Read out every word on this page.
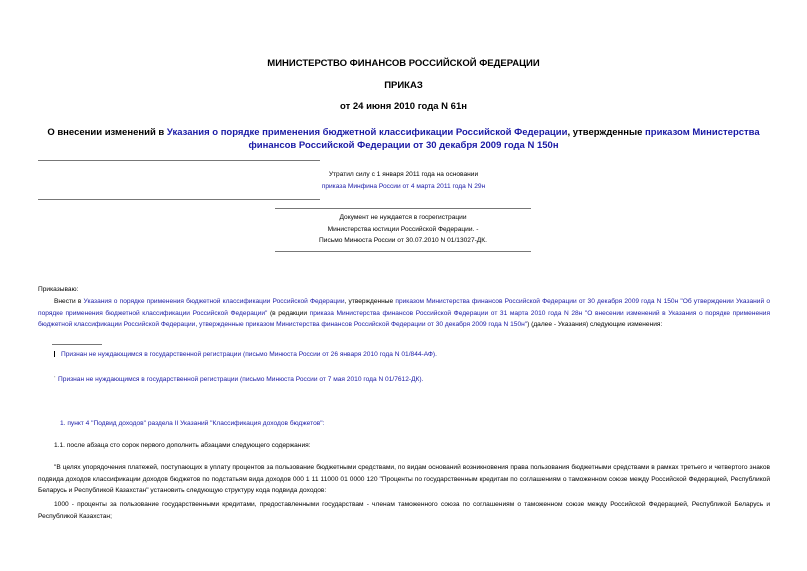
МИНИСТЕРСТВО ФИНАНСОВ РОССИЙСКОЙ ФЕДЕРАЦИИ
ПРИКАЗ
от 24 июня 2010 года N 61н
О внесении изменений в Указания о порядке применения бюджетной классификации Российской Федерации, утвержденные приказом Министерства финансов Российской Федерации от 30 декабря 2009 года N 150н
Утратил силу с 1 января 2011 года на основании
приказа Минфина России от 4 марта 2011 года N 29н
Документ не нуждается в госрегистрации
Министерства юстиции Российской Федерации. -
Письмо Минюста России от 30.07.2010 N 01/13027-ДК.
Приказываю:
Внести в Указания о порядке применения бюджетной классификации Российской Федерации, утвержденные приказом Министерства финансов Российской Федерации от 30 декабря 2009 года N 150н "Об утверждении Указаний о порядке применения бюджетной классификации Российской Федерации" (в редакции приказа Министерства финансов Российской Федерации от 31 марта 2010 года N 28н "О внесении изменений в Указания о порядке применения бюджетной классификации Российской Федерации, утвержденные приказом Министерства финансов Российской Федерации от 30 декабря 2009 года N 150н") (далее - Указания) следующие изменения:
Признан не нуждающимся в государственной регистрации (письмо Минюста России от 26 января 2010 года N 01/844-АФ).
˙ Признан не нуждающимся в государственной регистрации (письмо Минюста России от 7 мая 2010 года N 01/7612-ДК).
1. пункт 4 "Подвид доходов" раздела II Указаний "Классификация доходов бюджетов":
1.1. после абзаца сто сорок первого дополнить абзацами следующего содержания:
"В целях упорядочения платежей, поступающих в уплату процентов за пользование бюджетными средствами, по видам оснований возникновения права пользования бюджетными средствами в рамках третьего и четвертого знаков подвида доходов классификации доходов бюджетов по подстатьям вида доходов 000 1 11 11000 01 0000 120 "Проценты по государственным кредитам по соглашениям о таможенном союзе между Российской Федерацией, Республикой Беларусь и Республикой Казахстан" установить следующую структуру кода подвида доходов:
1000 - проценты за пользование государственными кредитами, предоставленными государствам - членам таможенного союза по соглашениям о таможенном союзе между Российской Федерацией, Республикой Беларусь и Республикой Казахстан;
